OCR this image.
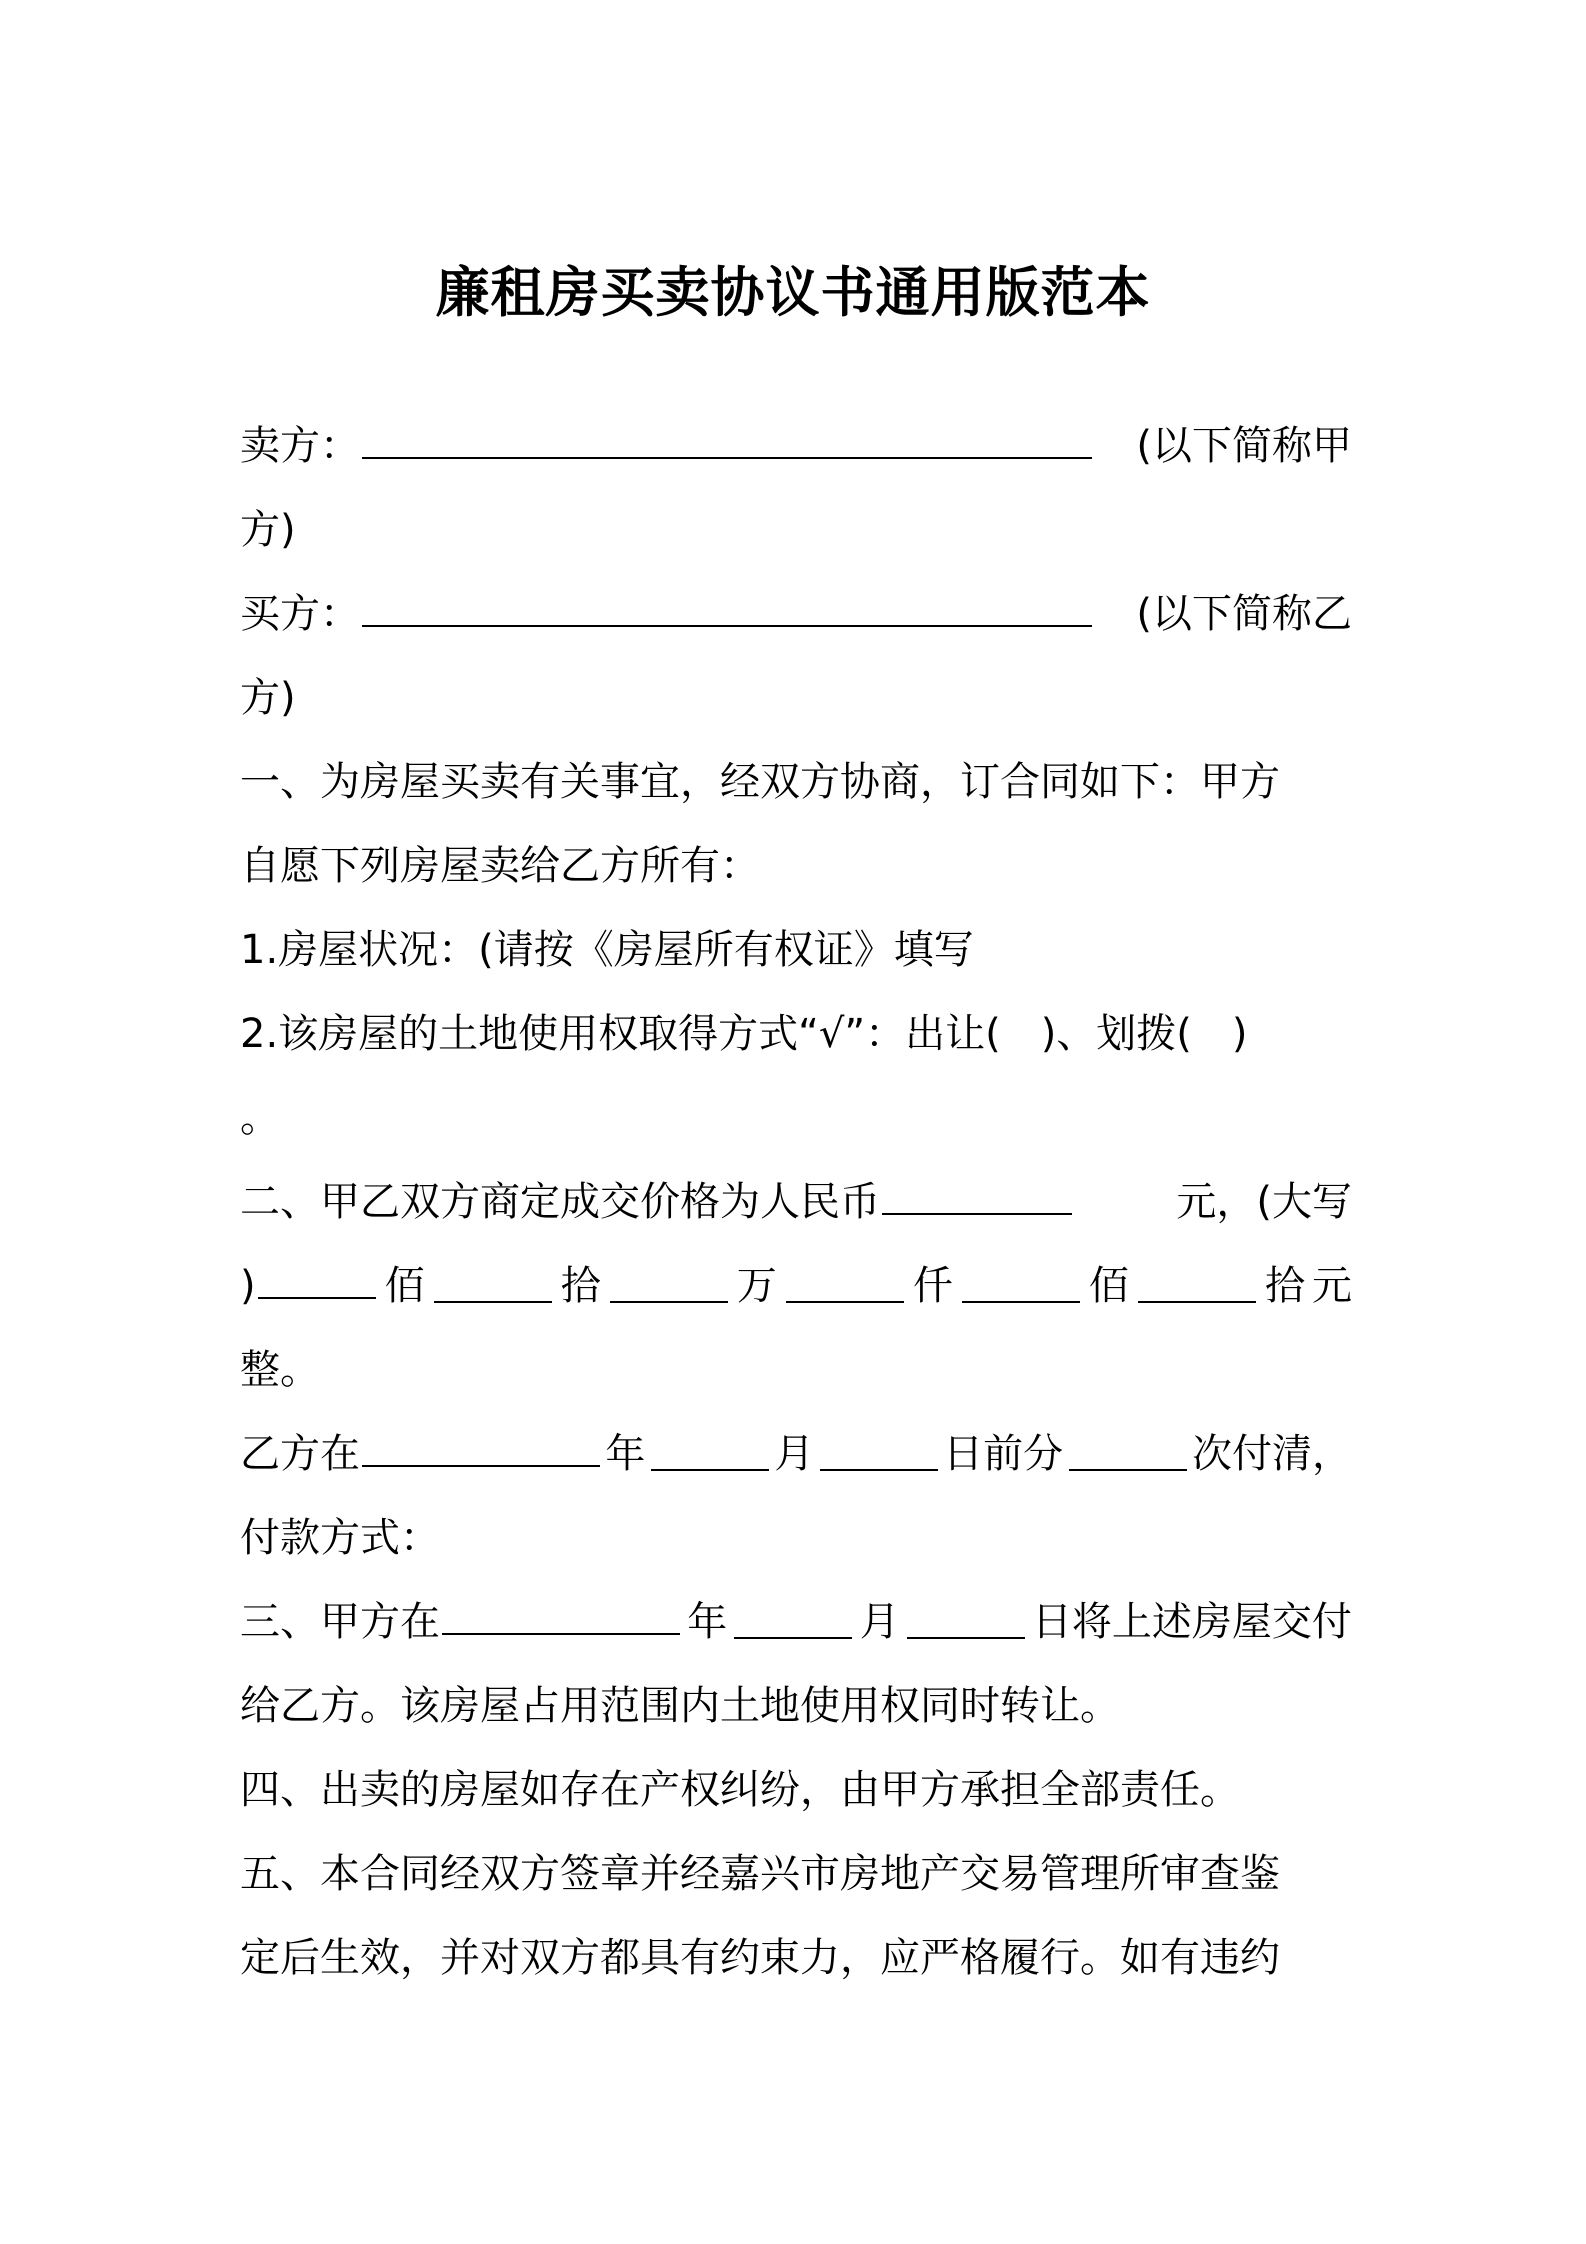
廉租房买卖协议书通用版范本
卖方：	(以下简称甲
方)
买方：	(以下简称乙
方)
一、为房屋买卖有关事宜，经双方协商，订合同如下：甲方
自愿下列房屋卖给乙方所有：
1.房屋状况：(请按《房屋所有权证》填写
2.该房屋的土地使用权取得方式“√”：出让(　)、划拨(　)
。
二、甲乙双方商定成交价格为人民币	元，(大写
)	佰	拾	万	仟	佰	拾 元
整。
乙方在	年	月	日前分	次付清，
付款方式：
三、甲方在	年	月	日将上述房屋交付
给乙方。该房屋占用范围内土地使用权同时转让。
四、出卖的房屋如存在产权纠纷，由甲方承担全部责任。
五、本合同经双方签章并经嘉兴市房地产交易管理所审查鉴
定后生效，并对双方都具有约束力，应严格履行。如有违约
